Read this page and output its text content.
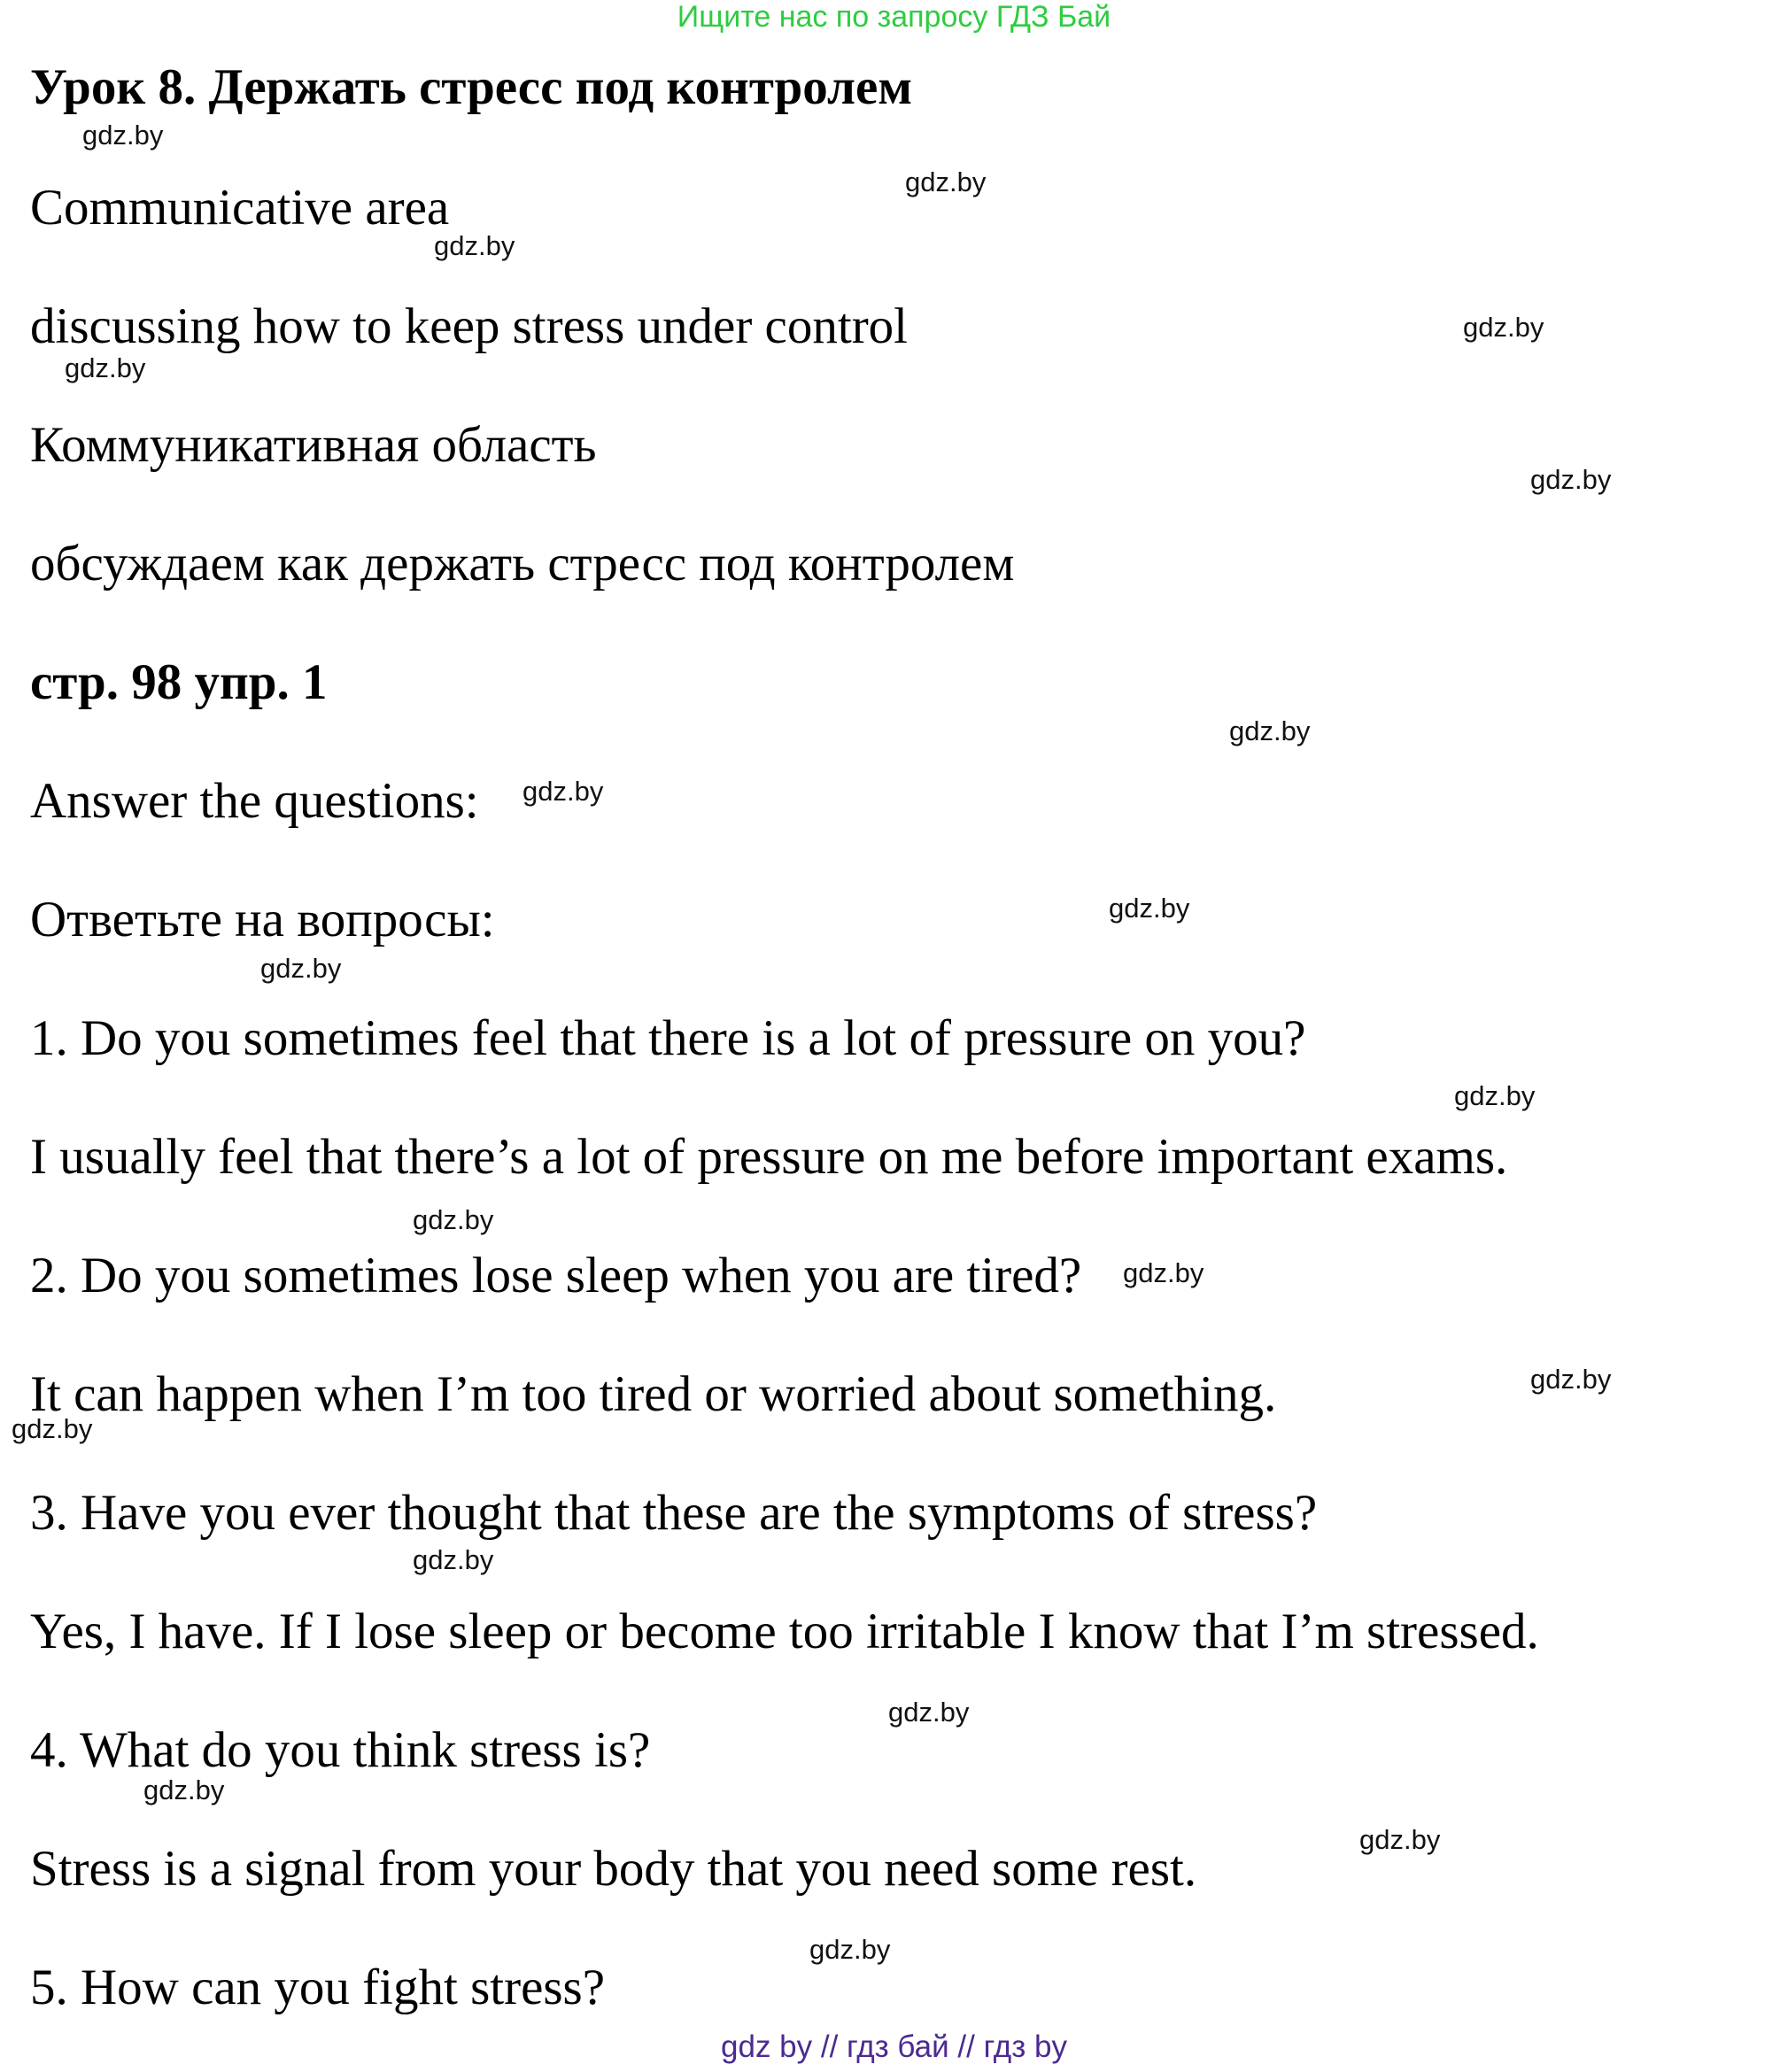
Ищите нас по запросу ГДЗ Бай
Урок 8. Держать стресс под контролем
Communicative area
discussing how to keep stress under control
Коммуникативная область
обсуждаем как держать стресс под контролем
стр. 98 упр. 1
Answer the questions:
Ответьте на вопросы:
1. Do you sometimes feel that there is a lot of pressure on you?
I usually feel that there’s a lot of pressure on me before important exams.
2. Do you sometimes lose sleep when you are tired?
It can happen when I’m too tired or worried about something.
3. Have you ever thought that these are the symptoms of stress?
Yes, I have. If I lose sleep or become too irritable I know that I’m stressed.
4. What do you think stress is?
Stress is a signal from your body that you need some rest.
5. How can you fight stress?
gdz.by
gdz.by
gdz.by
gdz.by
gdz.by
gdz.by
gdz.by
gdz.by
gdz.by
gdz.by
gdz.by
gdz.by
gdz.by
gdz.by
gdz.by
gdz.by
gdz.by
gdz.by
gdz.by
gdz.by
gdz by // гдз бай // гдз by
